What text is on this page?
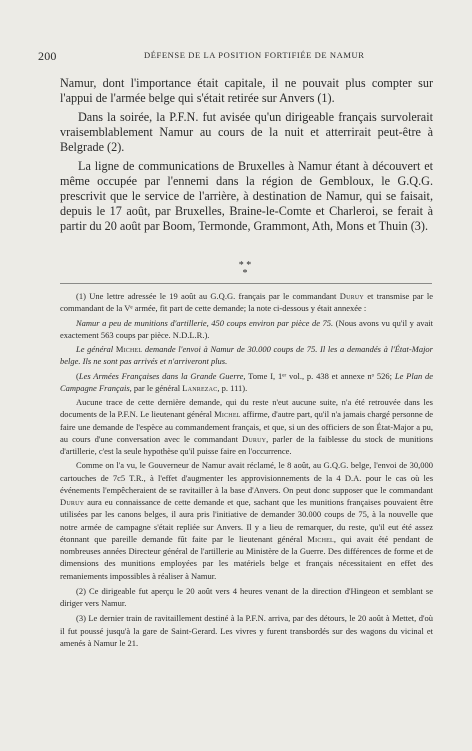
200	DÉFENSE DE LA POSITION FORTIFIÉE DE NAMUR

Namur, dont l'importance était capitale, il ne pouvait plus compter sur l'appui de l'armée belge qui s'était retirée sur Anvers (1).

Dans la soirée, la P.F.N. fut avisée qu'un dirigeable français survolerait vraisemblablement Namur au cours de la nuit et atterrirait peut-être à Belgrade (2).

La ligne de communications de Bruxelles à Namur étant à découvert et même occupée par l'ennemi dans la région de Gembloux, le G.Q.G. prescrivit que le service de l'arrière, à destination de Namur, qui se faisait, depuis le 17 août, par Bruxelles, Braine-le-Comte et Charleroi, se ferait à partir du 20 août par Boom, Termonde, Grammont, Ath, Mons et Thuin (3).

* *
*

(1) Une lettre adressée le 19 août au G.Q.G. français par le commandant Duruy et transmise par le commandant de la Vᵉ armée, fit part de cette demande; la note ci-dessous y était annexée :

Namur a peu de munitions d'artillerie, 450 coups environ par pièce de 75. (Nous avons vu qu'il y avait exactement 563 coups par pièce. N.D.L.R.).

Le général Michel demande l'envoi à Namur de 30.000 coups de 75. Il les a demandés à l'État-Major belge. Ils ne sont pas arrivés et n'arriveront plus.

(Les Armées Françaises dans la Grande Guerre, Tome I, 1ᵉʳ vol., p. 438 et annexe nᵒ 526; Le Plan de Campagne Français, par le général Lanrezac, p. 111).

Aucune trace de cette dernière demande, qui du reste n'eut aucune suite, n'a été retrouvée dans les documents de la P.F.N. Le lieutenant général Michel affirme, d'autre part, qu'il n'a jamais chargé personne de faire une demande de l'espèce au commandement français, et que, si un des officiers de son État-Major a pu, au cours d'une conversation avec le commandant Duruy, parler de la faiblesse du stock de munitions d'artillerie, c'est la seule hypothèse qu'il puisse faire en l'occurrence.

Comme on l'a vu, le Gouverneur de Namur avait réclamé, le 8 août, au G.Q.G. belge, l'envoi de 30,000 cartouches de 7c5 T.R., à l'effet d'augmenter les approvisionnements de la 4 D.A. pour le cas où les événements l'empêcheraient de se ravitailler à la base d'Anvers. On peut donc supposer que le commandant Duruy aura eu connaissance de cette demande et que, sachant que les munitions françaises pouvaient être utilisées par les canons belges, il aura pris l'initiative de demander 30.000 coups de 75, à la nouvelle que notre armée de campagne s'était repliée sur Anvers. Il y a lieu de remarquer, du reste, qu'il eut été assez étonnant que pareille demande fût faite par le lieutenant général Michel, qui avait été pendant de nombreuses années Directeur général de l'artillerie au Ministère de la Guerre. Des différences de forme et de dimensions des munitions employées par les matériels belge et français nécessitaient en effet des remaniements impossibles à réaliser à Namur.

(2) Ce dirigeable fut aperçu le 20 août vers 4 heures venant de la direction d'Hingeon et semblant se diriger vers Namur.

(3) Le dernier train de ravitaillement destiné à la P.F.N. arriva, par des détours, le 20 août à Mettet, d'où il fut poussé jusqu'à la gare de Saint-Gerard. Les vivres y furent transbordés sur des wagons du vicinal et amenés à Namur le 21.
